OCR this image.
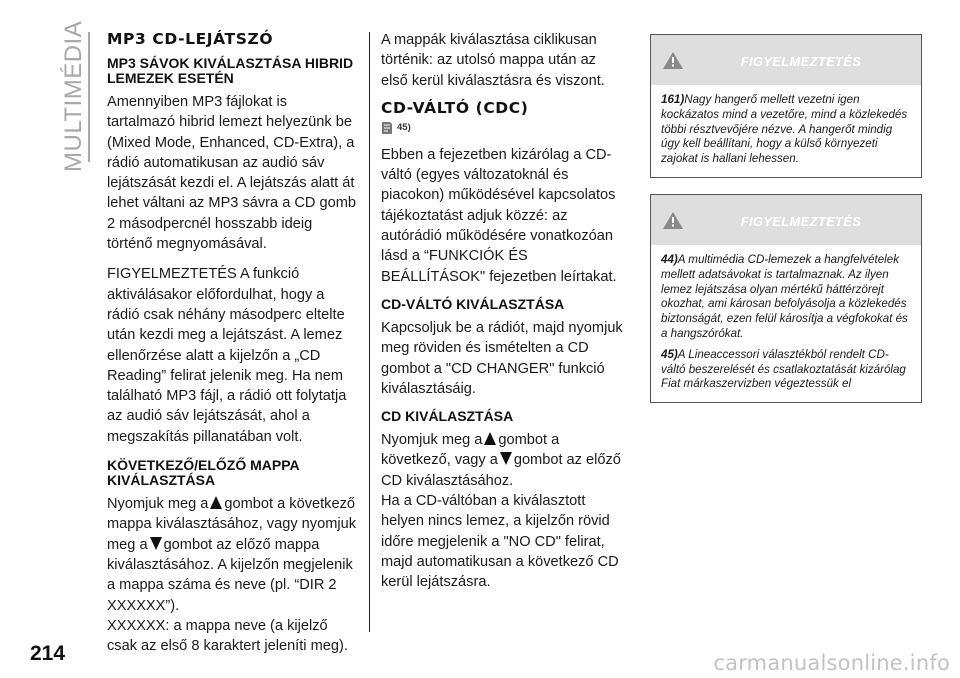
MULTIMÉDIA MP3 CD-LEJÁTSZÓ
MP3 SÁVOK KIVÁLASZTÁSA HIBRID LEMEZEK ESETÉN

Amennyiben MP3 fájlokat is tartalmazó hibrid lemezt helyezünk be (Mixed Mode, Enhanced, CD-Extra), a rádió automatikusan az audió sáv lejátszását kezdi el. A lejátszás alatt át lehet váltani az MP3 sávra a CD gomb 2 másodpercnél hosszabb ideig történő megnyomásával.

FIGYELMEZTETÉS A funkció aktiválásakor előfordulhat, hogy a rádió csak néhány másodperc eltelte után kezdi meg a lejátszást. A lemez ellenőrzése alatt a kijelzőn a „CD Reading” felirat jelenik meg. Ha nem található MP3 fájl, a rádió ott folytatja az audió sáv lejátszását, ahol a megszakítás pillanatában volt.

KÖVETKEZŐ/ELŐZŐ MAPPA KIVÁLASZTÁSA

Nyomjuk meg a gombot a következő mappa kiválasztásához, vagy nyomjuk meg a gombot az előző mappa kiválasztásához. A kijelzőn megjelenik a mappa száma és neve (pl. “DIR 2 XXXXXX”).

XXXXXX: a mappa neve (a kijelző csak az első 8 karaktert jeleníti meg).

A mappák kiválasztása ciklikusan történik: az utolsó mappa után az első kerül kiválasztásra és viszont.

CD-VÁLTÓ (CDC)
45)

Ebben a fejezetben kizárólag a CD-váltó (egyes változatoknál és piacokon) működésével kapcsolatos tájékoztatást adjuk közzé: az autórádió működésére vonatkozóan lásd a “FUNKCIÓK ÉS BEÁLLÍTÁSOK" fejezetben leírtakat.

CD-VÁLTÓ KIVÁLASZTÁSA

Kapcsoljuk be a rádiót, majd nyomjuk meg röviden és ismételten a CD gombot a "CD CHANGER" funkció kiválasztásáig.

CD KIVÁLASZTÁSA

Nyomjuk meg a gombot a következő, vagy a gombot az előző CD kiválasztásához.

Ha a CD-váltóban a kiválasztott helyen nincs lemez, a kijelzőn rövid időre megjelenik a "NO CD" felirat, majd automatikusan a következő CD kerül lejátszásra.

FIGYELMEZTETÉS
161)Nagy hangerő mellett vezetni igen kockázatos mind a vezetőre, mind a közlekedés többi résztvevőjére nézve. A hangerőt mindig úgy kell beállítani, hogy a külső környezeti zajokat is hallani lehessen.
FIGYELMEZTETÉS
44)A multimédia CD-lemezek a hangfelvételek mellett adatsávokat is tartalmaznak. Az ilyen lemez lejátszása olyan mértékű háttérzörejt okozhat, ami károsan befolyásolja a közlekedés biztonságát, ezen felül károsítja a végfokokat és a hangszórókat.
45)A Lineaccessori választékból rendelt CD-váltó beszerelését és csatlakoztatását kizárólag Fiat márkaszervizben végeztessük el
214	carmanualsonline.info
